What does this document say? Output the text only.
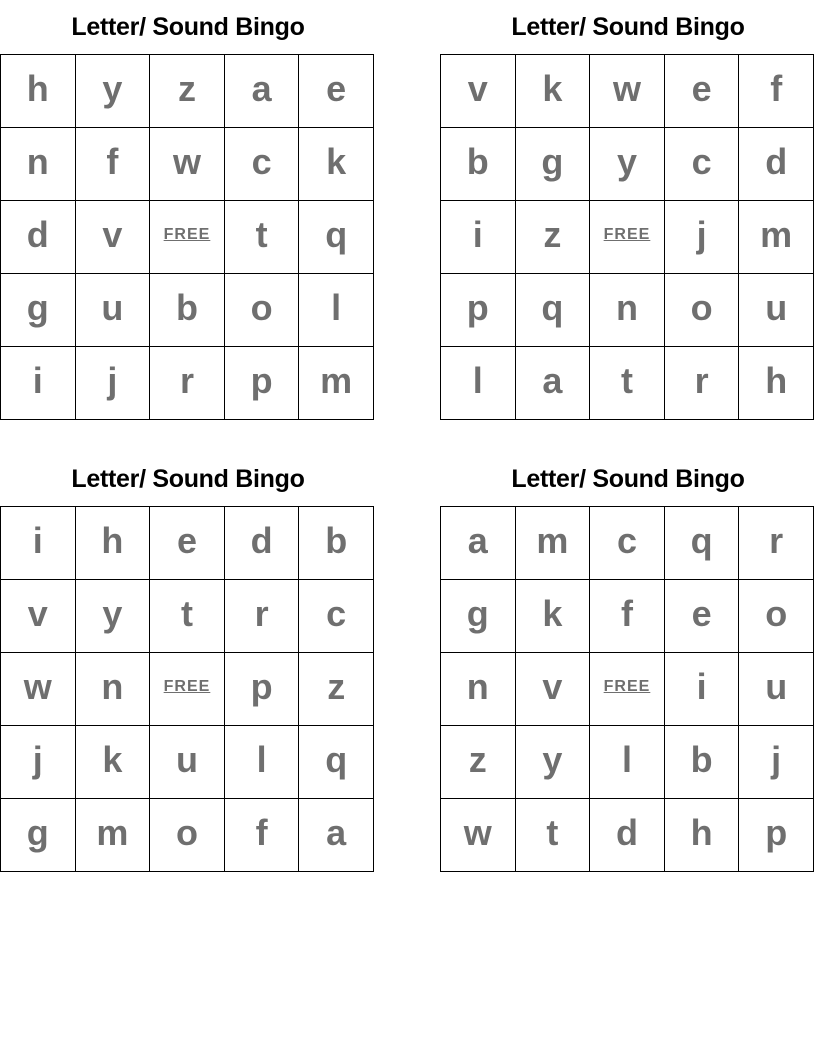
Letter/ Sound Bingo
h	y	z	a	e
n	f	w	c	k
d	v	FREE	t	q
g	u	b	o	l
i	j	r	p	m
Letter/ Sound Bingo
v	k	w	e	f
b	g	y	c	d
i	z	FREE	j	m
p	q	n	o	u
l	a	t	r	h
Letter/ Sound Bingo
i	h	e	d	b
v	y	t	r	c
w	n	FREE	p	z
j	k	u	l	q
g	m	o	f	a
Letter/ Sound Bingo
a	m	c	q	r
g	k	f	e	o
n	v	FREE	i	u
z	y	l	b	j
w	t	d	h	p
